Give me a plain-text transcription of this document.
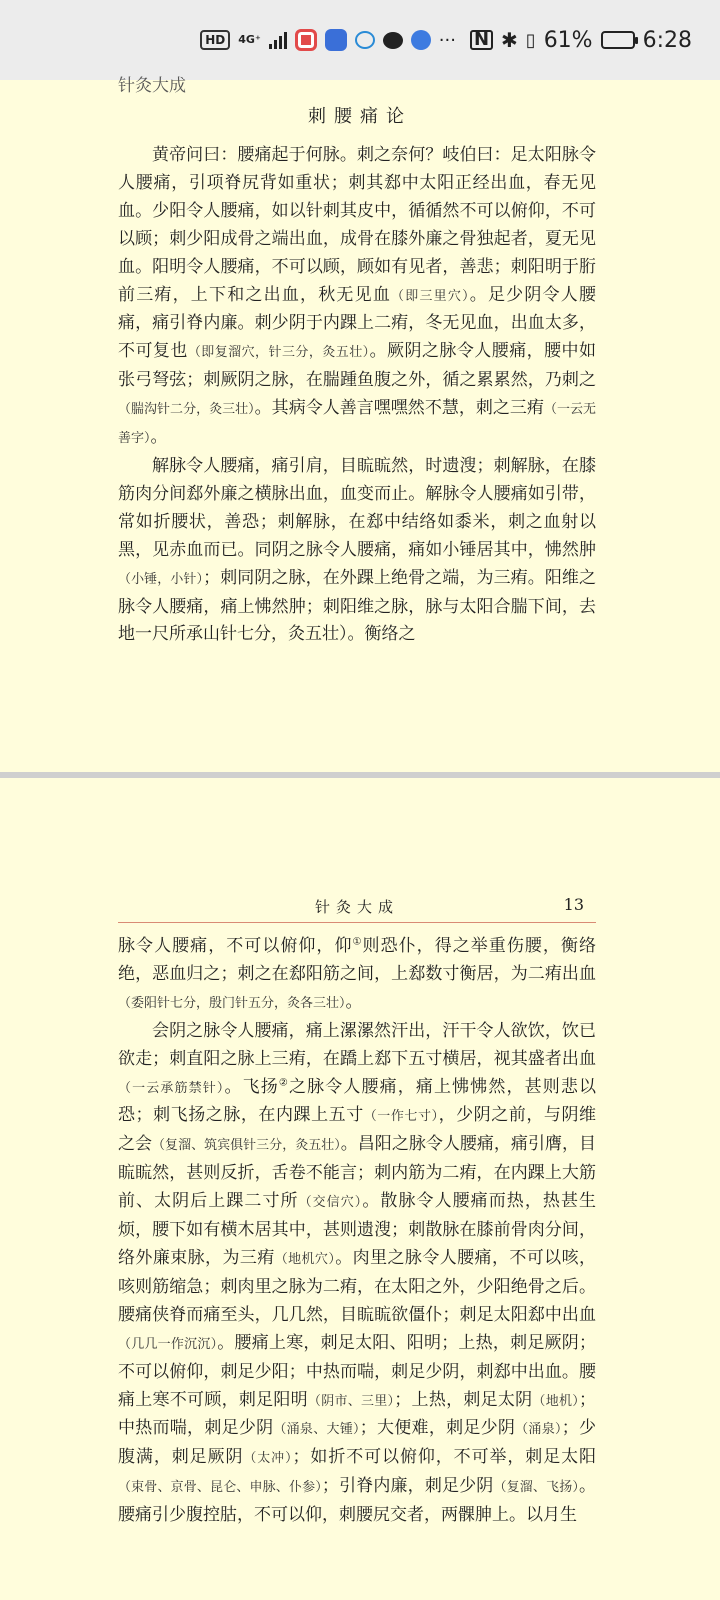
HD	4G⁺	··· N ✱ ▯ 61% 6:28
针灸大成
刺腰痛论

黄帝问曰：腰痛起于何脉。刺之奈何？岐伯曰：足太阳脉令人腰痛，引项脊尻背如重状；刺其郄中太阳正经出血，春无见血。少阳令人腰痛，如以针刺其皮中，循循然不可以俯仰，不可以顾；刺少阳成骨之端出血，成骨在膝外廉之骨独起者，夏无见血。阳明令人腰痛，不可以顾，顾如有见者，善悲；刺阳明于胻前三痏，上下和之出血，秋无见血（即三里穴）。足少阴令人腰痛，痛引脊内廉。刺少阴于内踝上二痏，冬无见血，出血太多，不可复也（即复溜穴，针三分，灸五壮）。厥阴之脉令人腰痛，腰中如张弓弩弦；刺厥阴之脉，在腨踵鱼腹之外，循之累累然，乃刺之（腨沟针二分，灸三壮）。其病令人善言嘿嘿然不慧，刺之三痏（一云无善字）。

解脉令人腰痛，痛引肩，目䀮䀮然，时遗溲；刺解脉，在膝筋肉分间郄外廉之横脉出血，血变而止。解脉令人腰痛如引带，常如折腰状，善恐；刺解脉，在郄中结络如黍米，刺之血射以黑，见赤血而已。同阴之脉令人腰痛，痛如小锤居其中，怫然肿（小锤，小针）；刺同阴之脉，在外踝上绝骨之端，为三痏。阳维之脉令人腰痛，痛上怫然肿；刺阳维之脉，脉与太阳合腨下间，去地一尺所承山针七分，灸五壮）。衡络之

针灸大成	13

脉令人腰痛，不可以俯仰，仰①则恐仆，得之举重伤腰，衡络绝，恶血归之；刺之在郄阳筋之间，上郄数寸衡居，为二痏出血（委阳针七分，殷门针五分，灸各三壮）。

会阴之脉令人腰痛，痛上漯漯然汗出，汗干令人欲饮，饮已欲走；刺直阳之脉上三痏，在蹻上郄下五寸横居，视其盛者出血（一云承筋禁针）。飞扬②之脉令人腰痛，痛上怫怫然，甚则悲以恐；刺飞扬之脉，在内踝上五寸（一作七寸），少阴之前，与阴维之会（复溜、筑宾俱针三分，灸五壮）。昌阳之脉令人腰痛，痛引膺，目䀮䀮然，甚则反折，舌卷不能言；刺内筋为二痏，在内踝上大筋前、太阴后上踝二寸所（交信穴）。散脉令人腰痛而热，热甚生烦，腰下如有横木居其中，甚则遗溲；刺散脉在膝前骨肉分间，络外廉束脉，为三痏（地机穴）。肉里之脉令人腰痛，不可以咳，咳则筋缩急；刺肉里之脉为二痏，在太阳之外，少阳绝骨之后。腰痛侠脊而痛至头，几几然，目䀮䀮欲僵仆；刺足太阳郄中出血（几几一作沉沉）。腰痛上寒，刺足太阳、阳明；上热，刺足厥阴；不可以俯仰，刺足少阳；中热而喘，刺足少阴，刺郄中出血。腰痛上寒不可顾，刺足阳明（阴市、三里）；上热，刺足太阴（地机）；中热而喘，刺足少阴（涌泉、大锺）；大便难，刺足少阴（涌泉）；少腹满，刺足厥阴（太冲）；如折不可以俯仰，不可举，刺足太阳（束骨、京骨、昆仑、申脉、仆参）；引脊内廉，刺足少阴（复溜、飞扬）。腰痛引少腹控𦙶，不可以仰，刺腰尻交者，两髁胂上。以月生
